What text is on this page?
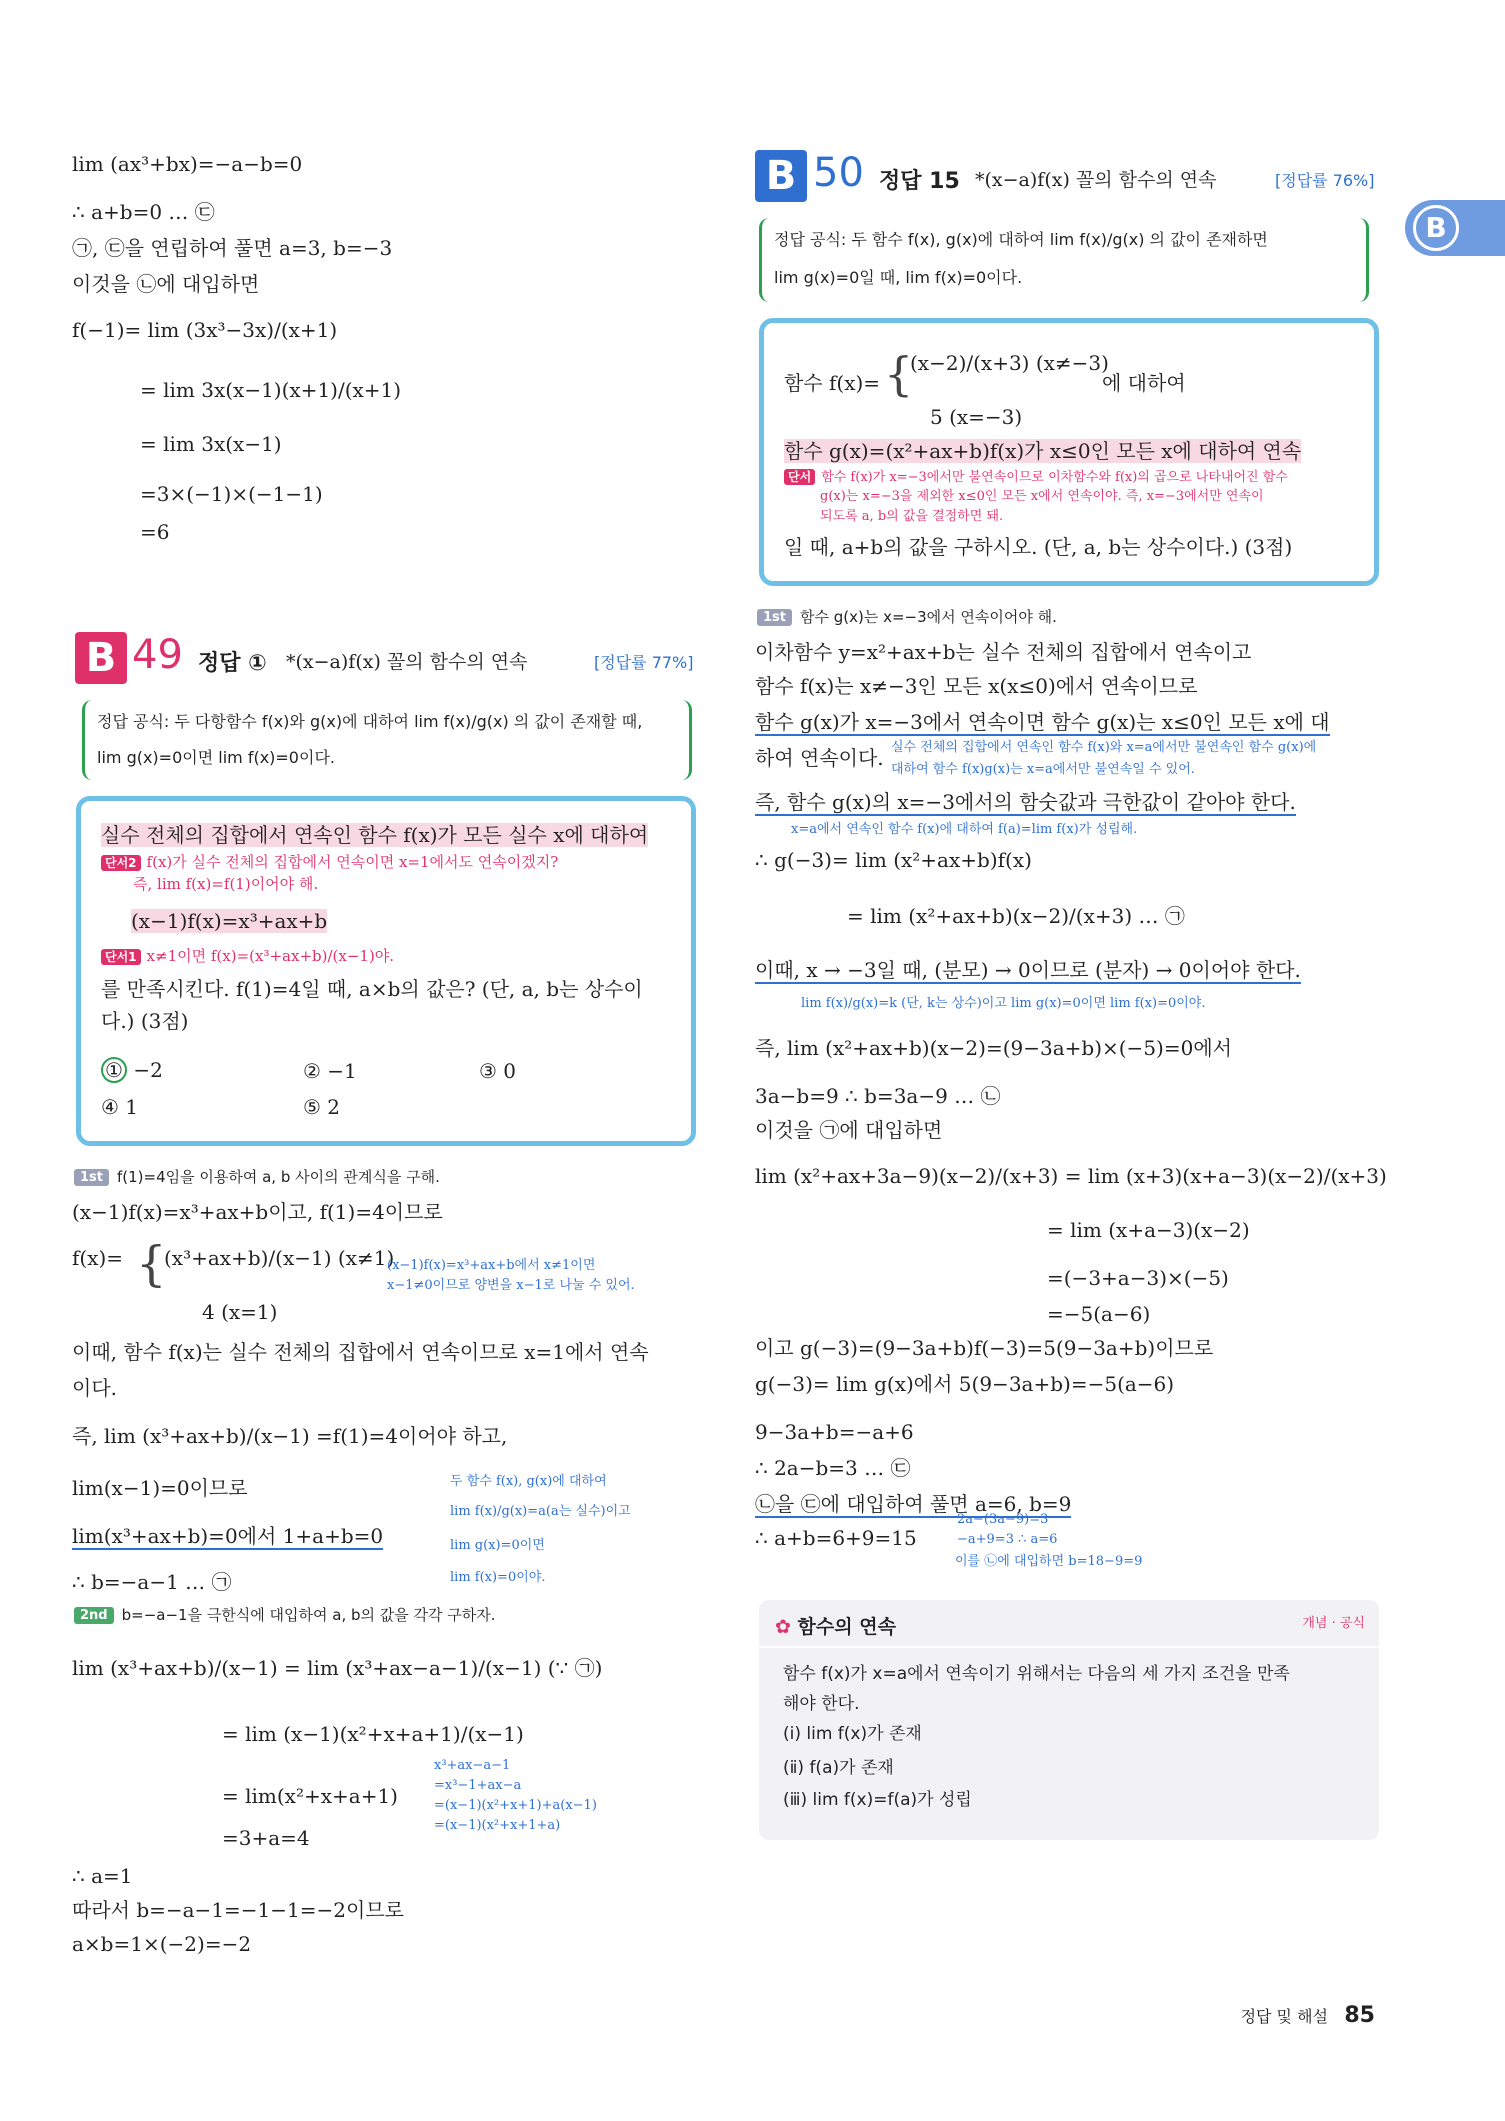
B
lim (ax³+bx)=−a−b=0
∴ a+b=0 … ㉢
㉠, ㉢을 연립하여 풀면 a=3, b=−3
이것을 ㉡에 대입하면
f(−1)= lim (3x³−3x)/(x+1)
= lim 3x(x−1)(x+1)/(x+1)
= lim 3x(x−1)
=3×(−1)×(−1−1)
=6
B 49 정답 ① *(x−a)f(x) 꼴의 함수의 연속	[정답률 77%]
정답 공식: 두 다항함수 f(x)와 g(x)에 대하여 lim f(x)/g(x) 의 값이 존재할 때,
lim g(x)=0이면 lim f(x)=0이다.
실수 전체의 집합에서 연속인 함수 f(x)가 모든 실수 x에 대하여
단서2 f(x)가 실수 전체의 집합에서 연속이면 x=1에서도 연속이겠지?
즉, lim f(x)=f(1)이어야 해.
(x−1)f(x)=x³+ax+b
단서1 x≠1이면 f(x)=(x³+ax+b)/(x−1)야.
를 만족시킨다. f(1)=4일 때, a×b의 값은? (단, a, b는 상수이
다.) (3점)
① −2	② −1	③ 0
④ 1	⑤ 2
1st f(1)=4임을 이용하여 a, b 사이의 관계식을 구해.
(x−1)f(x)=x³+ax+b이고, f(1)=4이므로
f(x)= {
(x³+ax+b)/(x−1) (x≠1)
4 (x=1)
(x−1)f(x)=x³+ax+b에서 x≠1이면
x−1≠0이므로 양변을 x−1로 나눌 수 있어.
이때, 함수 f(x)는 실수 전체의 집합에서 연속이므로 x=1에서 연속
이다.
즉, lim (x³+ax+b)/(x−1) =f(1)=4이어야 하고,
lim(x−1)=0이므로
lim(x³+ax+b)=0에서 1+a+b=0
∴ b=−a−1 … ㉠
두 함수 f(x), g(x)에 대하여
lim f(x)/g(x)=a(a는 실수)이고
lim g(x)=0이면
lim f(x)=0이야.
2nd b=−a−1을 극한식에 대입하여 a, b의 값을 각각 구하자.
lim (x³+ax+b)/(x−1) = lim (x³+ax−a−1)/(x−1) (∵ ㉠)
= lim (x−1)(x²+x+a+1)/(x−1)
= lim(x²+x+a+1)
=3+a=4
x³+ax−a−1
=x³−1+ax−a
=(x−1)(x²+x+1)+a(x−1)
=(x−1)(x²+x+1+a)
∴ a=1
따라서 b=−a−1=−1−1=−2이므로
a×b=1×(−2)=−2
B 50 정답 15 *(x−a)f(x) 꼴의 함수의 연속	[정답률 76%]
정답 공식: 두 함수 f(x), g(x)에 대하여 lim f(x)/g(x) 의 값이 존재하면
lim g(x)=0일 때, lim f(x)=0이다.
함수 f(x)= {
(x−2)/(x+3) (x≠−3)
5 (x=−3)
에 대하여
함수 g(x)=(x²+ax+b)f(x)가 x≤0인 모든 x에 대하여 연속
단서 함수 f(x)가 x=−3에서만 불연속이므로 이차함수와 f(x)의 곱으로 나타내어진 함수
g(x)는 x=−3을 제외한 x≤0인 모든 x에서 연속이야. 즉, x=−3에서만 연속이
되도록 a, b의 값을 결정하면 돼.
일 때, a+b의 값을 구하시오. (단, a, b는 상수이다.) (3점)
1st 함수 g(x)는 x=−3에서 연속이어야 해.
이차함수 y=x²+ax+b는 실수 전체의 집합에서 연속이고
함수 f(x)는 x≠−3인 모든 x(x≤0)에서 연속이므로
함수 g(x)가 x=−3에서 연속이면 함수 g(x)는 x≤0인 모든 x에 대
하여 연속이다. 실수 전체의 집합에서 연속인 함수 f(x)와 x=a에서만 불연속인 함수 g(x)에
대하여 함수 f(x)g(x)는 x=a에서만 불연속일 수 있어.
즉, 함수 g(x)의 x=−3에서의 함숫값과 극한값이 같아야 한다.
x=a에서 연속인 함수 f(x)에 대하여 f(a)=lim f(x)가 성립해.
∴ g(−3)= lim (x²+ax+b)f(x)
= lim (x²+ax+b)(x−2)/(x+3) … ㉠
이때, x → −3일 때, (분모) → 0이므로 (분자) → 0이어야 한다.
lim f(x)/g(x)=k (단, k는 상수)이고 lim g(x)=0이면 lim f(x)=0이야.
즉, lim (x²+ax+b)(x−2)=(9−3a+b)×(−5)=0에서
3a−b=9 ∴ b=3a−9 … ㉡
이것을 ㉠에 대입하면
lim (x²+ax+3a−9)(x−2)/(x+3) = lim (x+3)(x+a−3)(x−2)/(x+3)
= lim (x+a−3)(x−2)
=(−3+a−3)×(−5)
=−5(a−6)
이고 g(−3)=(9−3a+b)f(−3)=5(9−3a+b)이므로
g(−3)= lim g(x)에서 5(9−3a+b)=−5(a−6)
9−3a+b=−a+6
∴ 2a−b=3 … ㉢
㉡을 ㉢에 대입하여 풀면 a=6, b=9
∴ a+b=6+9=15
2a−(3a−9)=3
−a+9=3 ∴ a=6
이를 ㉡에 대입하면 b=18−9=9
✿ 함수의 연속	개념 · 공식
함수 f(x)가 x=a에서 연속이기 위해서는 다음의 세 가지 조건을 만족
해야 한다.
(ⅰ) lim f(x)가 존재
(ⅱ) f(a)가 존재
(ⅲ) lim f(x)=f(a)가 성립
정답 및 해설 85
